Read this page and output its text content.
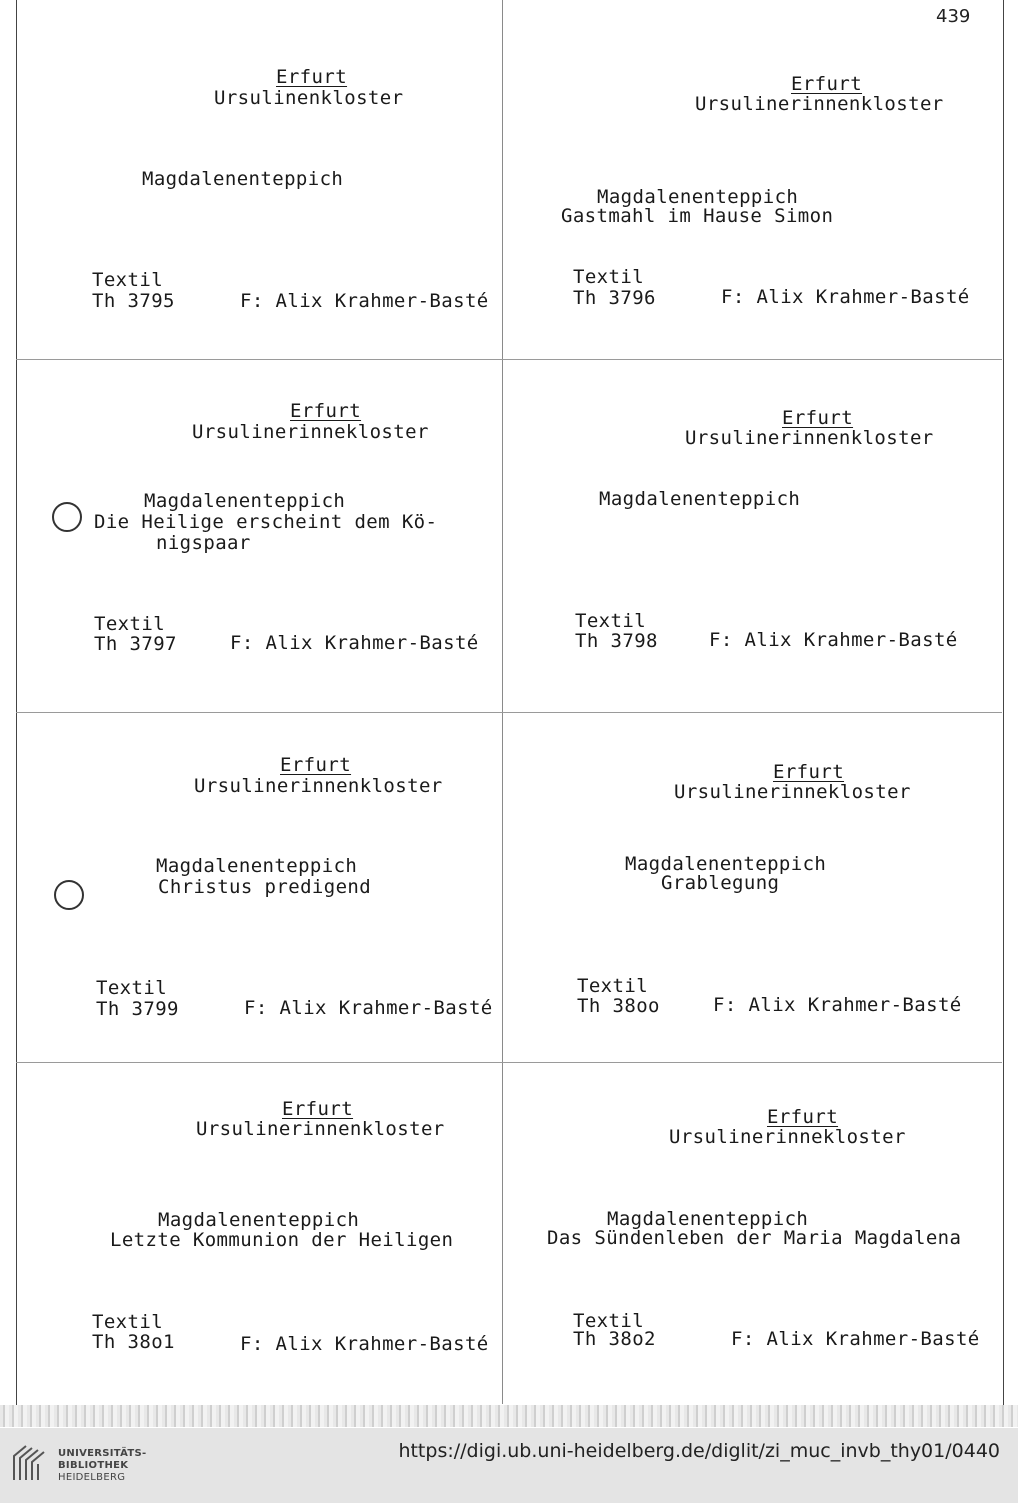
439
Erfurt
Ursulinenkloster
Magdalenenteppich
Textil
Th 3795	F: Alix Krahmer-Basté
Erfurt
Ursulinerinnenkloster
Magdalenenteppich
Gastmahl im Hause Simon
Textil
Th 3796	F: Alix Krahmer-Basté
Erfurt
Ursulinerinnekloster
Magdalenenteppich
Die Heilige erscheint dem Kö-
nigspaar
Textil
Th 3797	F: Alix Krahmer-Basté
Erfurt
Ursulinerinnenkloster
Magdalenenteppich
Textil
Th 3798	F: Alix Krahmer-Basté
Erfurt
Ursulinerinnenkloster
Magdalenenteppich
Christus predigend
Textil
Th 3799	F: Alix Krahmer-Basté
Erfurt
Ursulinerinnekloster
Magdalenenteppich
Grablegung
Textil
Th 38oo	F: Alix Krahmer-Basté
Erfurt
Ursulinerinnenkloster
Magdalenenteppich
Letzte Kommunion der Heiligen
Textil
Th 38o1	F: Alix Krahmer-Basté
Erfurt
Ursulinerinnekloster
Magdalenenteppich
Das Sündenleben der Maria Magdalena
Textil
Th 38o2	F: Alix Krahmer-Basté
UNIVERSITÄTS-
BIBLIOTHEK
HEIDELBERG
https://digi.ub.uni-heidelberg.de/diglit/zi_muc_invb_thy01/0440
